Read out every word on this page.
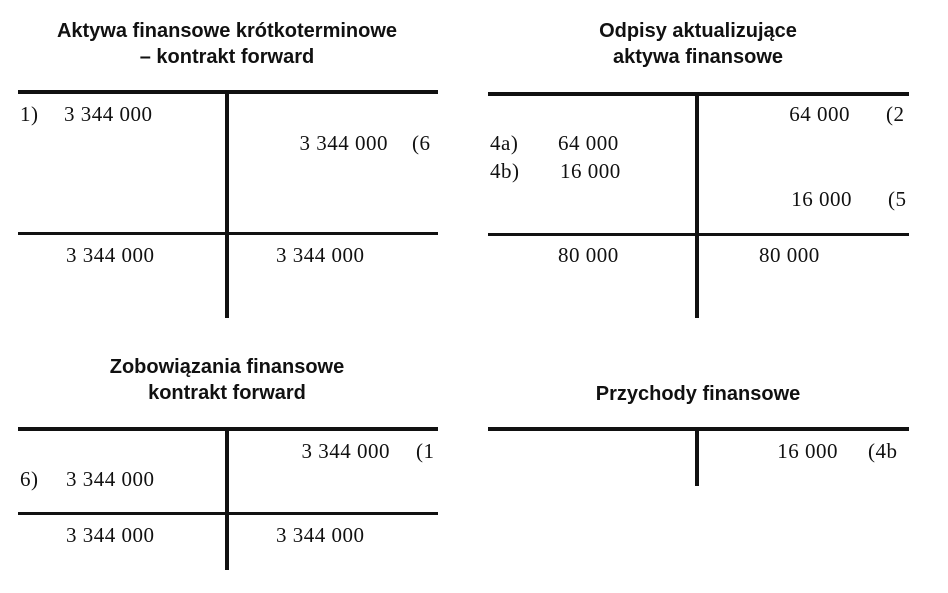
Aktywa finansowe krótkoterminowe
– kontrakt forward
1) 3 344 000
3 344 000 (6
3 344 000	3 344 000
Odpisy aktualizujące
aktywa finansowe
64 000 (2
4a) 64 000
4b) 16 000
16 000 (5
80 000	80 000
Zobowiązania finansowe
kontrakt forward
3 344 000 (1
6) 3 344 000
3 344 000	3 344 000
Przychody finansowe
16 000 (4b
